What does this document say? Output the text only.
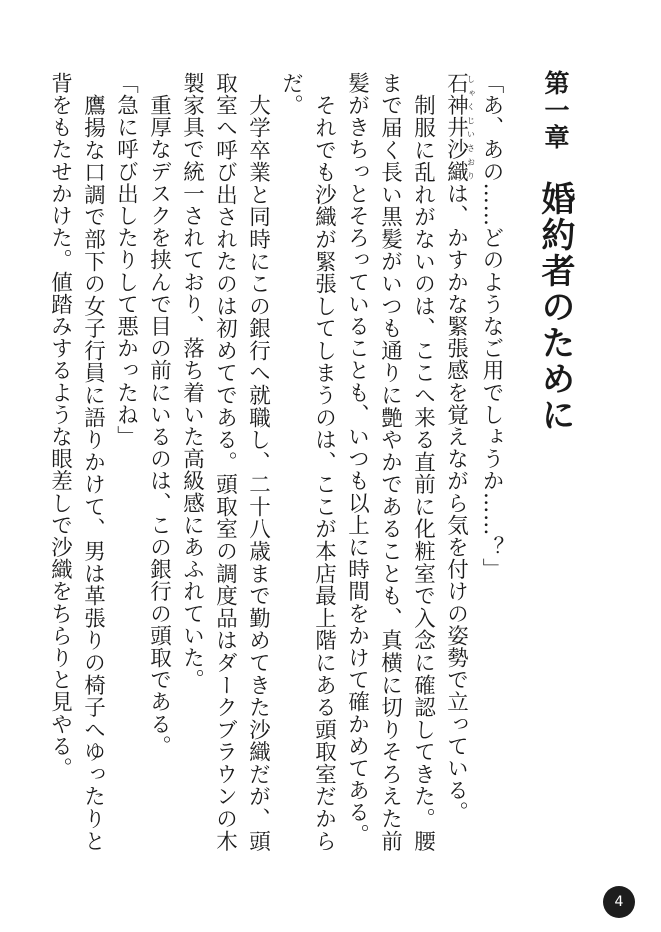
第一章婚約者のために

「あ、あの……どのようなご用でしょうか……？」

石神井沙織しゃくじいさおりは、かすかな緊張感を覚えながら気を付けの姿勢で立っている。

制服に乱れがないのは、ここへ来る直前に化粧室で入念に確認してきた。腰まで届く長い黒髪がいつも通りに艶やかであることも、真横に切りそろえた前髪がきちっとそろっていることも、いつも以上に時間をかけて確かめてある。

それでも沙織が緊張してしまうのは、ここが本店最上階にある頭取室だからだ。

大学卒業と同時にこの銀行へ就職し、二十八歳まで勤めてきた沙織だが、頭取室へ呼び出されたのは初めてである。頭取室の調度品はダークブラウンの木製家具で統一されており、落ち着いた高級感にあふれていた。

重厚なデスクを挟んで目の前にいるのは、この銀行の頭取である。

「急に呼び出したりして悪かったね」

鷹揚な口調で部下の女子行員に語りかけて、男は革張りの椅子へゆったりと背をもたせかけた。値踏みするような眼差しで沙織をちらりと見やる。

4
